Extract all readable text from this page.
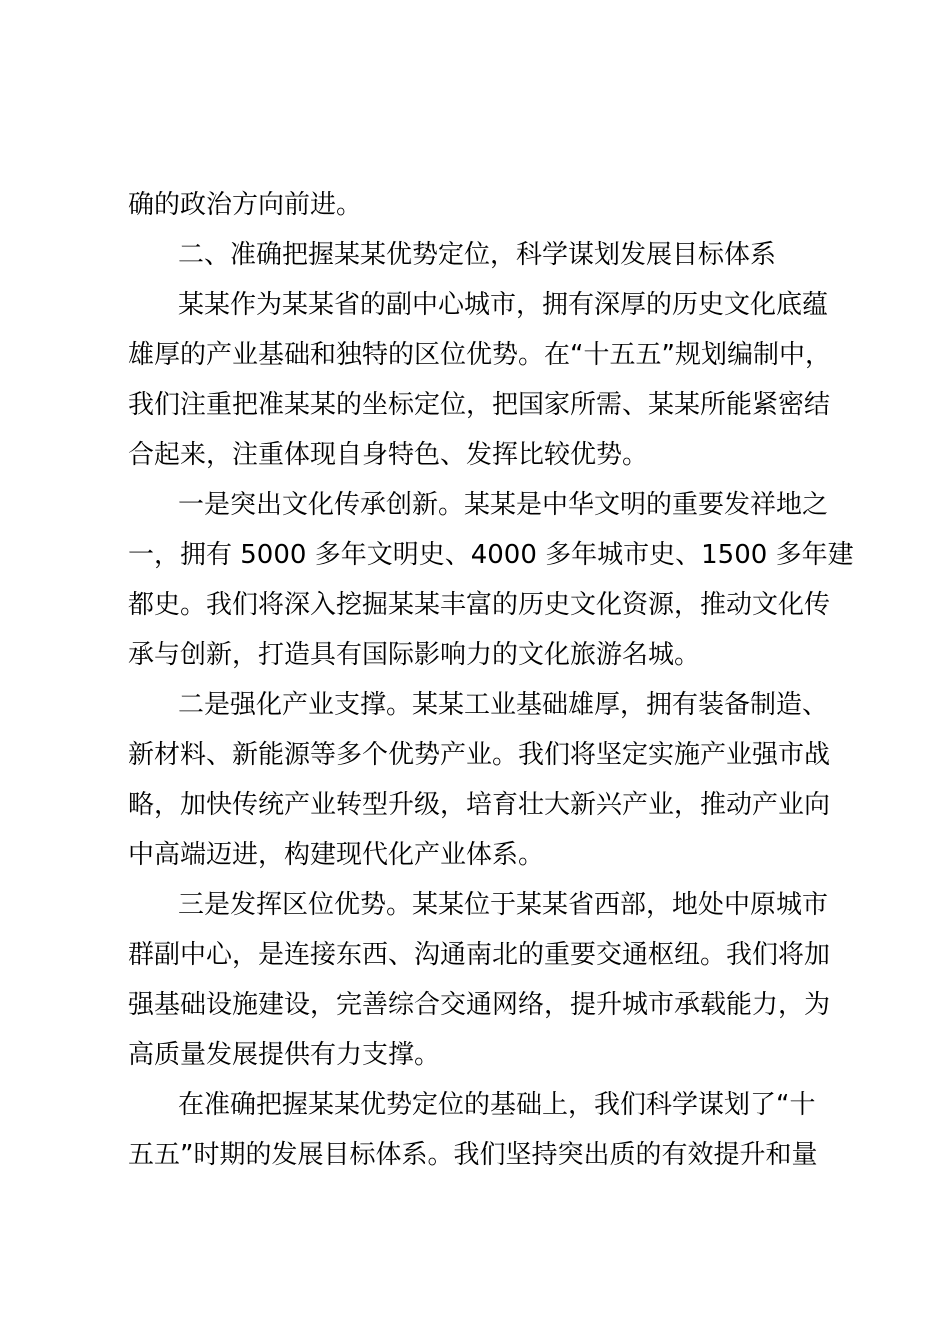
确的政治方向前进。

二、准确把握某某优势定位，科学谋划发展目标体系

某某作为某某省的副中心城市，拥有深厚的历史文化底蕴

雄厚的产业基础和独特的区位优势。在“十五五”规划编制中，

我们注重把准某某的坐标定位，把国家所需、某某所能紧密结

合起来，注重体现自身特色、发挥比较优势。

一是突出文化传承创新。某某是中华文明的重要发祥地之

一，拥有 5000 多年文明史、4000 多年城市史、1500 多年建

都史。我们将深入挖掘某某丰富的历史文化资源，推动文化传

承与创新，打造具有国际影响力的文化旅游名城。

二是强化产业支撑。某某工业基础雄厚，拥有装备制造、

新材料、新能源等多个优势产业。我们将坚定实施产业强市战

略，加快传统产业转型升级，培育壮大新兴产业，推动产业向

中高端迈进，构建现代化产业体系。

三是发挥区位优势。某某位于某某省西部，地处中原城市

群副中心，是连接东西、沟通南北的重要交通枢纽。我们将加

强基础设施建设，完善综合交通网络，提升城市承载能力，为

高质量发展提供有力支撑。

在准确把握某某优势定位的基础上，我们科学谋划了“十

五五”时期的发展目标体系。我们坚持突出质的有效提升和量
